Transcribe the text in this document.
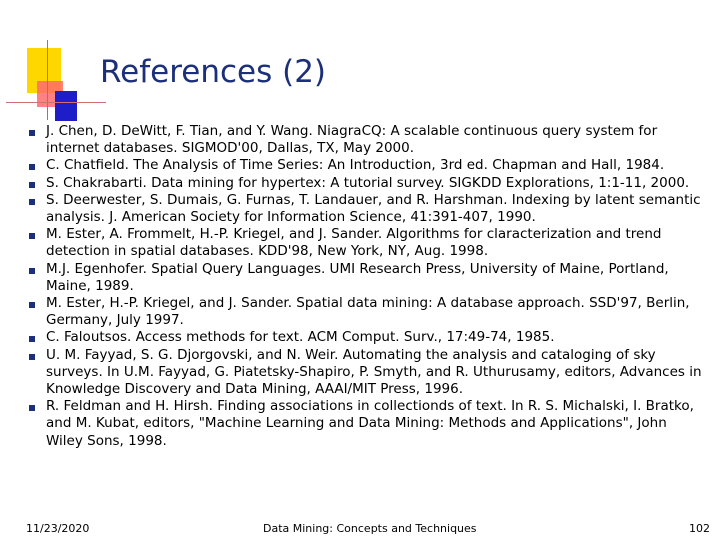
References (2)
J. Chen, D. DeWitt, F. Tian, and Y. Wang. NiagraCQ: A scalable continuous query system for internet databases. SIGMOD'00, Dallas, TX, May 2000.
C. Chatfield. The Analysis of Time Series: An Introduction, 3rd ed. Chapman and Hall, 1984.
S. Chakrabarti. Data mining for hypertex: A tutorial survey. SIGKDD Explorations, 1:1-11, 2000.
S. Deerwester, S. Dumais, G. Furnas, T. Landauer, and R. Harshman. Indexing by latent semantic analysis. J. American Society for Information Science, 41:391-407, 1990.
M. Ester, A. Frommelt, H.-P. Kriegel, and J. Sander. Algorithms for claracterization and trend detection in spatial databases. KDD'98, New York, NY, Aug. 1998.
M.J. Egenhofer. Spatial Query Languages. UMI Research Press, University of Maine, Portland, Maine, 1989.
M. Ester, H.-P. Kriegel, and J. Sander. Spatial data mining: A database approach. SSD'97, Berlin, Germany, July 1997.
C. Faloutsos. Access methods for text. ACM Comput. Surv., 17:49-74, 1985.
U. M. Fayyad, S. G. Djorgovski, and N. Weir. Automating the analysis and cataloging of sky surveys. In U.M. Fayyad, G. Piatetsky-Shapiro, P. Smyth, and R. Uthurusamy, editors, Advances in Knowledge Discovery and Data Mining, AAAI/MIT Press, 1996.
R. Feldman and H. Hirsh. Finding associations in collectionds of text. In R. S. Michalski, I. Bratko, and M. Kubat, editors, "Machine Learning and Data Mining: Methods and Applications", John Wiley Sons, 1998.
11/23/2020	Data Mining: Concepts and Techniques	102
